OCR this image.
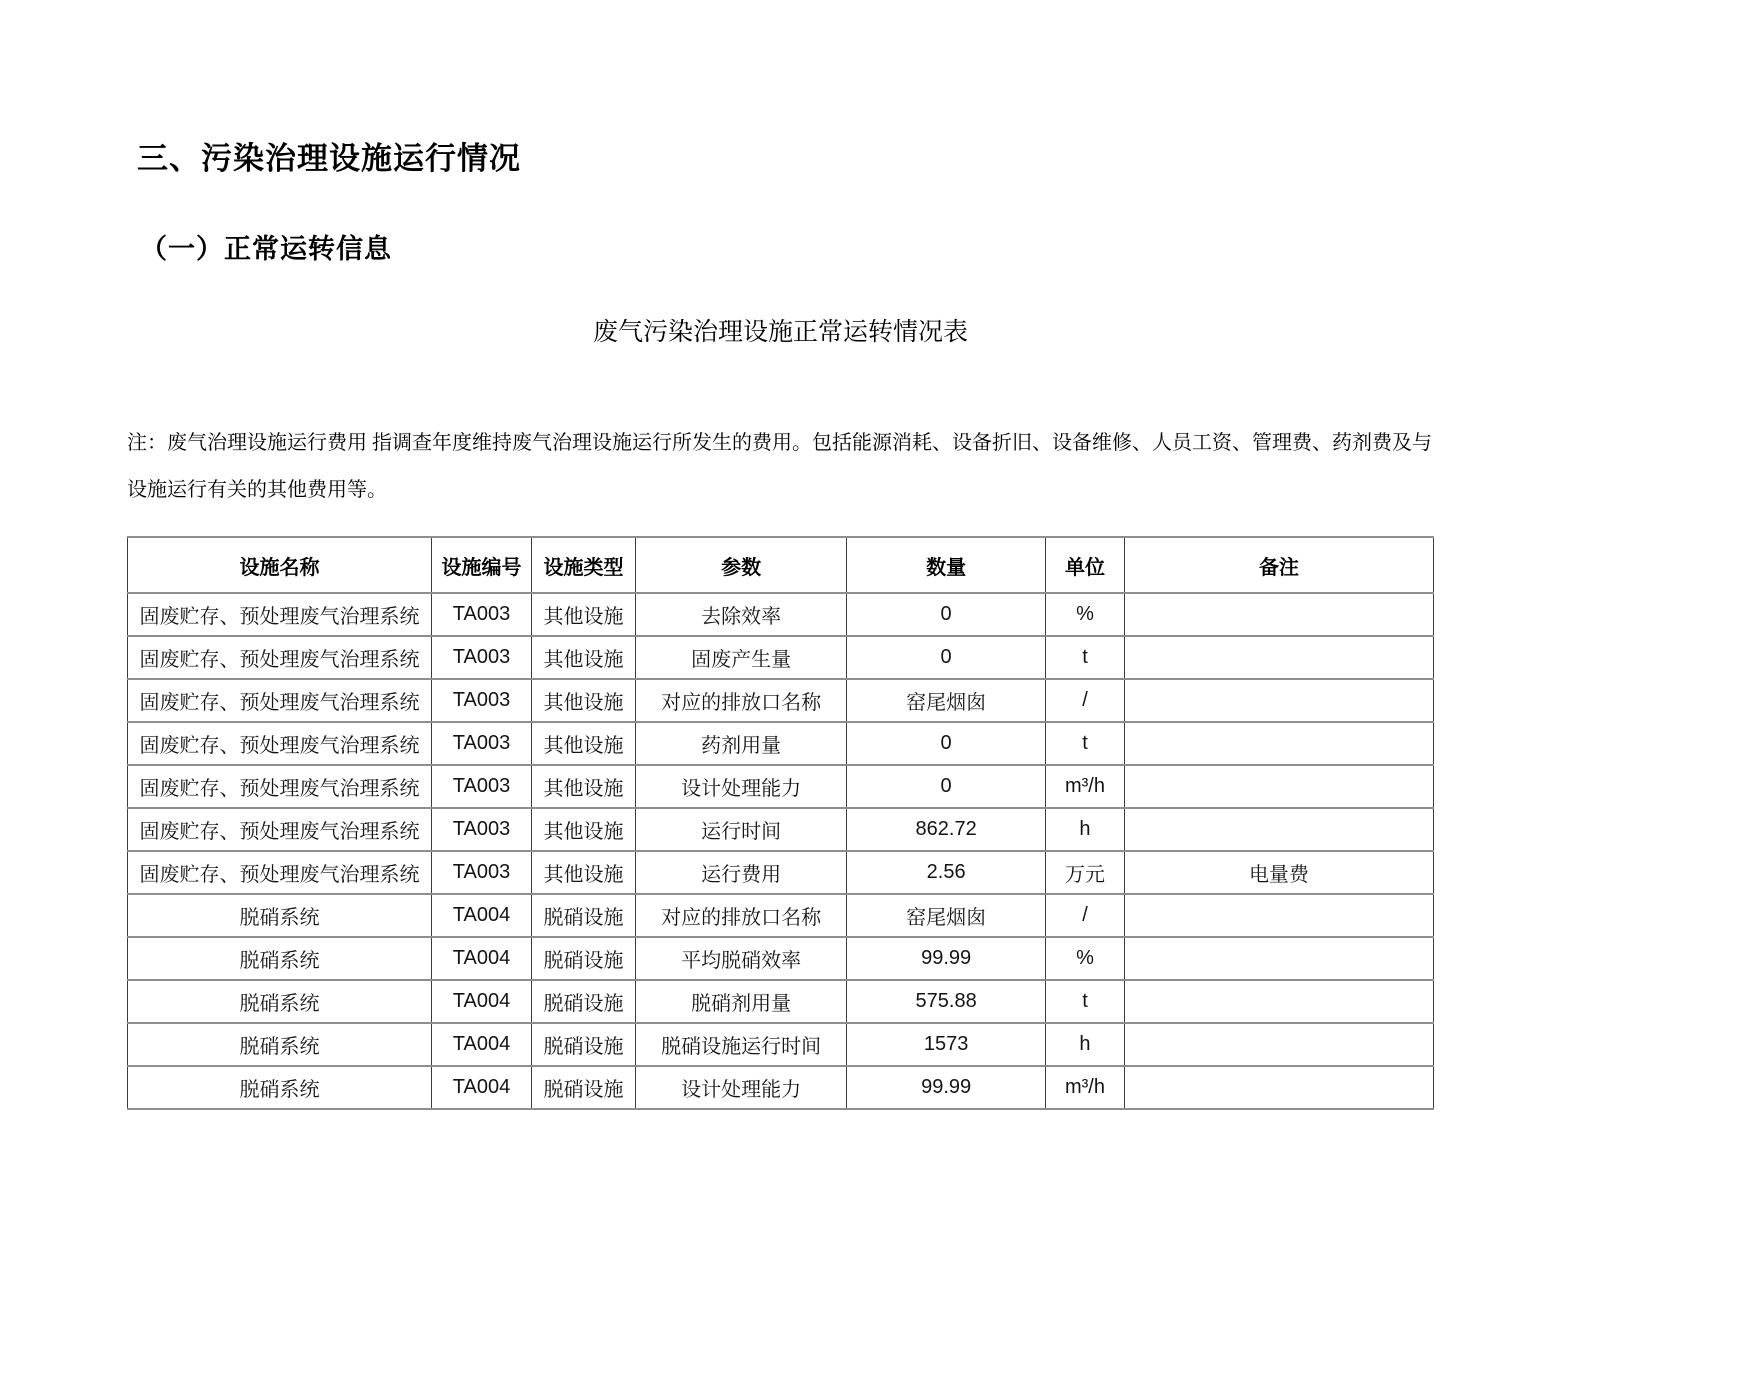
三、污染治理设施运行情况
（一）正常运转信息
废气污染治理设施正常运转情况表
注：废气治理设施运行费用 指调查年度维持废气治理设施运行所发生的费用。包括能源消耗、设备折旧、设备维修、人员工资、管理费、药剂费及与
设施运行有关的其他费用等。
设施名称	设施编号	设施类型	参数	数量	单位	备注
固废贮存、预处理废气治理系统	TA003	其他设施	去除效率	0	%	
固废贮存、预处理废气治理系统	TA003	其他设施	固废产生量	0	t	
固废贮存、预处理废气治理系统	TA003	其他设施	对应的排放口名称	窑尾烟囱	/	
固废贮存、预处理废气治理系统	TA003	其他设施	药剂用量	0	t	
固废贮存、预处理废气治理系统	TA003	其他设施	设计处理能力	0	m³/h	
固废贮存、预处理废气治理系统	TA003	其他设施	运行时间	862.72	h	
固废贮存、预处理废气治理系统	TA003	其他设施	运行费用	2.56	万元	电量费
脱硝系统	TA004	脱硝设施	对应的排放口名称	窑尾烟囱	/	
脱硝系统	TA004	脱硝设施	平均脱硝效率	99.99	%	
脱硝系统	TA004	脱硝设施	脱硝剂用量	575.88	t	
脱硝系统	TA004	脱硝设施	脱硝设施运行时间	1573	h	
脱硝系统	TA004	脱硝设施	设计处理能力	99.99	m³/h	
